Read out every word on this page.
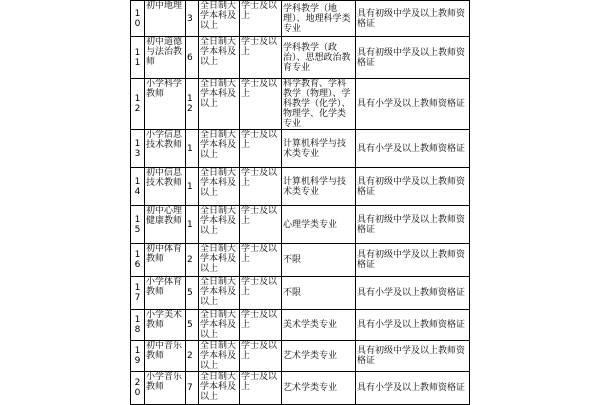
10	初中地理	3	全日制大学本科及以上	学士及以上	学科教学（地理）、地理科学类专业	具有初级中学及以上教师资格证
11	初中道德与法治教师	6	全日制大学本科及以上	学士及以上	学科教学（政治）、思想政治教育专业	具有初级中学及以上教师资格证
12	小学科学教师	12	全日制大学本科及以上	学士及以上	科学教育、学科教学（物理）、学科教学（化学）、物理学、化学类专业	具有小学及以上教师资格证
13	小学信息技术教师	1	全日制大学本科及以上	学士及以上	计算机科学与技术类专业	具有小学及以上教师资格证
14	初中信息技术教师	1	全日制大学本科及以上	学士及以上	计算机科学与技术类专业	具有初级中学及以上教师资格证
15	初中心理健康教师	1	全日制大学本科及以上	学士及以上	心理学类专业	具有初级中学及以上教师资格证
16	初中体育教师	2	全日制大学本科及以上	学士及以上	不限	具有初级中学及以上教师资格证
17	小学体育教师	5	全日制大学本科及以上	学士及以上	不限	具有小学及以上教师资格证
18	小学美术教师	5	全日制大学本科及以上	学士及以上	美术学类专业	具有小学及以上教师资格证
19	初中音乐教师	2	全日制大学本科及以上	学士及以上	艺术学类专业	具有初级中学及以上教师资格证
20	小学音乐教师	7	全日制大学本科及以上	学士及以上	艺术学类专业	具有小学及以上教师资格证
